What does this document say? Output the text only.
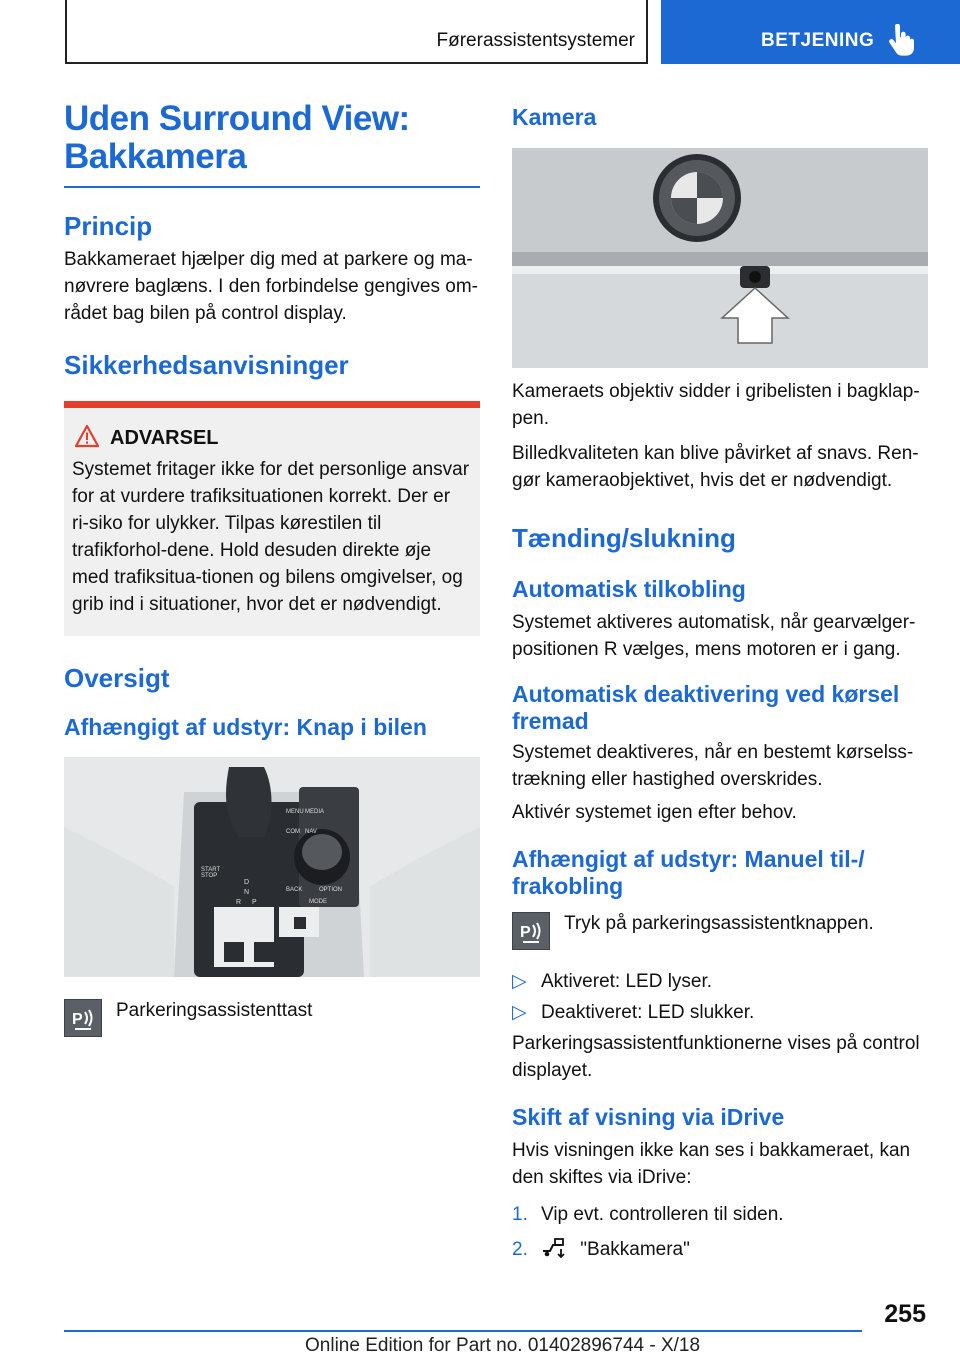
Førerassistentsystemer	BETJENING
Uden Surround View:
Bakkamera
Princip

Bakkameraet hjælper dig med at parkere og ma-nøvrere baglæns. I den forbindelse gengives om-rådet bag bilen på control display.

Sikkerhedsanvisninger
ADVARSEL

Systemet fritager ikke for det personlige ansvar for at vurdere trafiksituationen korrekt. Der er ri-siko for ulykker. Tilpas kørestilen til trafikforhol-dene. Hold desuden direkte øje med trafiksitua-tionen og bilens omgivelser, og grib ind i situationer, hvor det er nødvendigt.

Oversigt
Afhængigt af udstyr: Knap i bilen
START STOP
D
N
R P
MENU MEDIA
COM NAV
BACK	OPTION
MODE
P Parkeringsassistenttast
Kamera

Kameraets objektiv sidder i gribelisten i bagklap-pen.

Billedkvaliteten kan blive påvirket af snavs. Ren-gør kameraobjektivet, hvis det er nødvendigt.

Tænding/slukning
Automatisk tilkobling

Systemet aktiveres automatisk, når gearvælger-positionen R vælges, mens motoren er i gang.

Automatisk deaktivering ved kørsel
fremad

Systemet deaktiveres, når en bestemt kørselss-trækning eller hastighed overskrides.

Aktivér systemet igen efter behov.

Afhængigt af udstyr: Manuel til-/
frakobling
P Tryk på parkeringsassistentknappen.
▷ Aktiveret: LED lyser.
▷ Deaktiveret: LED slukker.

Parkeringsassistentfunktionerne vises på control displayet.

Skift af visning via iDrive

Hvis visningen ikke kan ses i bakkameraet, kan den skiftes via iDrive:

1. Vip evt. controlleren til siden.
2.	"Bakkamera"
255
Online Edition for Part no. 01402896744 - X/18
